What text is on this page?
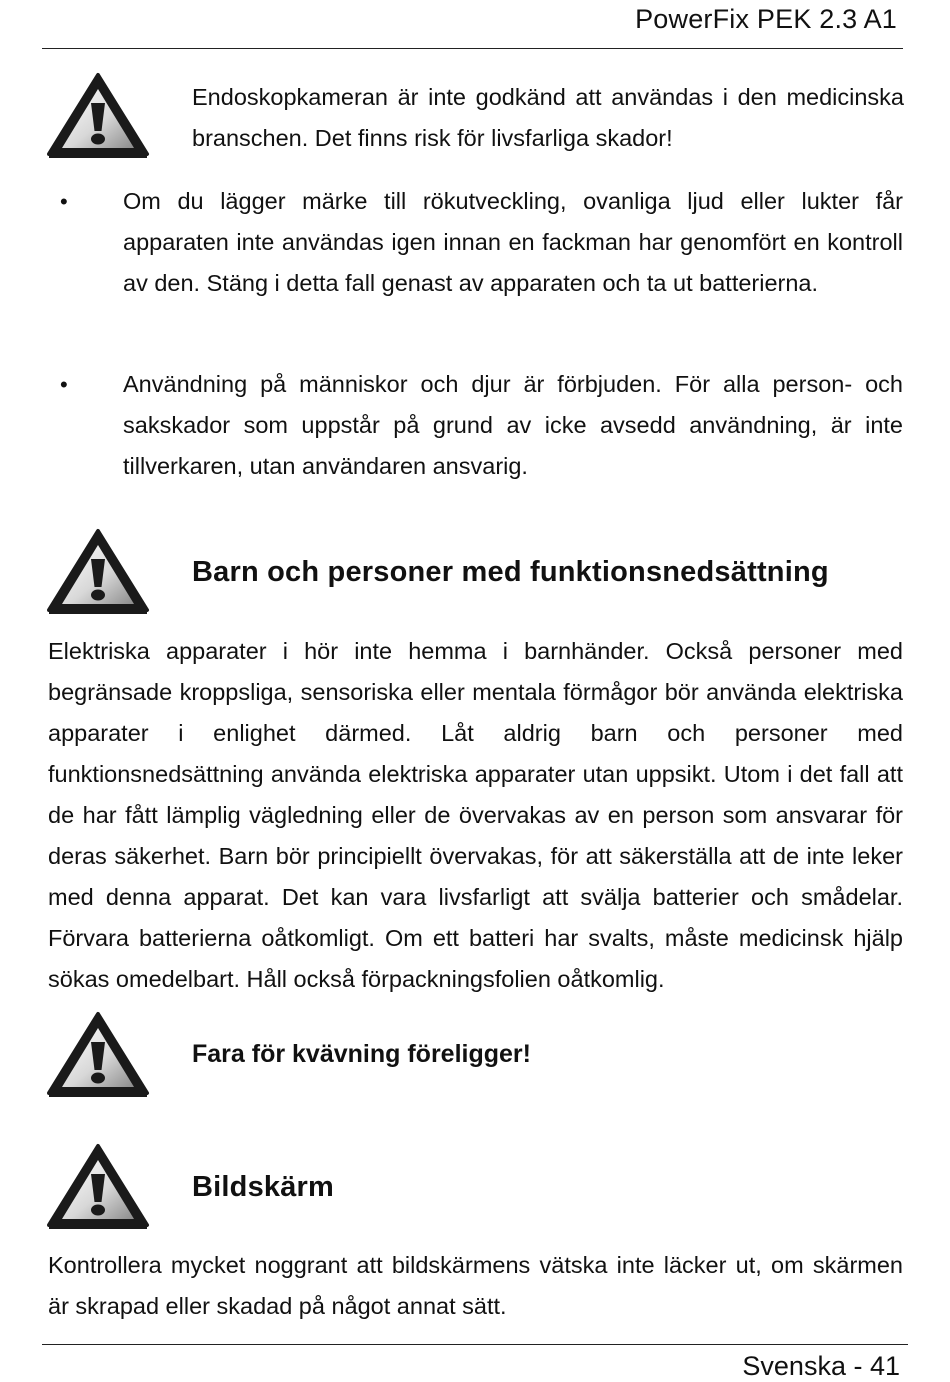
PowerFix PEK 2.3 A1
Endoskopkameran är inte godkänd att användas i den medicinska branschen. Det finns risk för livsfarliga skador!
• Om du lägger märke till rökutveckling, ovanliga ljud eller lukter får apparaten inte användas igen innan en fackman har genomfört en kontroll av den. Stäng i detta fall genast av apparaten och ta ut batterierna.
• Användning på människor och djur är förbjuden. För alla person- och sakskador som uppstår på grund av icke avsedd användning, är inte tillverkaren, utan användaren ansvarig.
Barn och personer med funktionsnedsättning
Elektriska apparater i hör inte hemma i barnhänder. Också personer med begränsade kroppsliga, sensoriska eller mentala förmågor bör använda elektriska apparater i enlighet därmed. Låt aldrig barn och personer med funktionsnedsättning använda elektriska apparater utan uppsikt. Utom i det fall att de har fått lämplig vägledning eller de övervakas av en person som ansvarar för deras säkerhet. Barn bör principiellt övervakas, för att säkerställa att de inte leker med denna apparat. Det kan vara livsfarligt att svälja batterier och smådelar. Förvara batterierna oåtkomligt. Om ett batteri har svalts, måste medicinsk hjälp sökas omedelbart. Håll också förpackningsfolien oåtkomlig.
Fara för kvävning föreligger!
Bildskärm
Kontrollera mycket noggrant att bildskärmens vätska inte läcker ut, om skärmen är skrapad eller skadad på något annat sätt.
Svenska - 41
